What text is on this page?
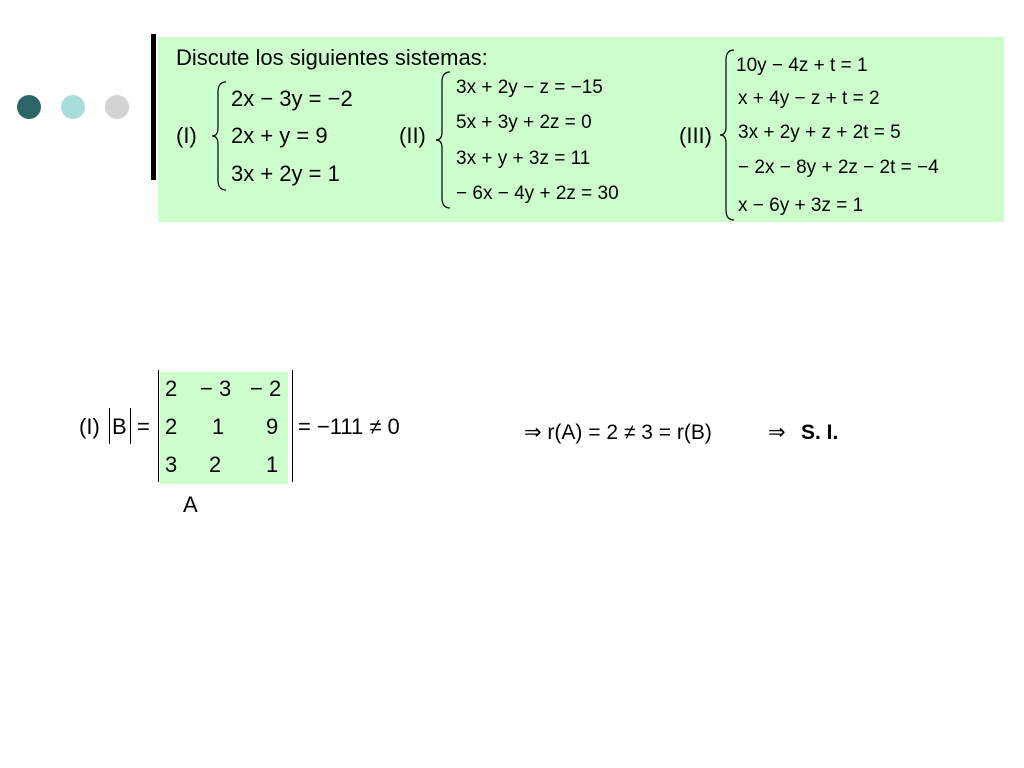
Discute los siguientes sistemas:
(I)
2x − 3y = −2
2x + y = 9
3x + 2y = 1
(II)
3x + 2y − z = −15
5x + 3y + 2z = 0
3x + y + 3z = 11
− 6x − 4y + 2z = 30
(III)
10y − 4z + t = 1
x + 4y − z + t = 2
3x + 2y + z + 2t = 5
− 2x − 8y + 2z − 2t = −4
x − 6y + 3z = 1
(I) B =
2 − 3 − 2
2 1 9
3 2 1
= −111 ≠ 0
A
⇒ r(A) = 2 ≠ 3 = r(B)	⇒ S. I.
